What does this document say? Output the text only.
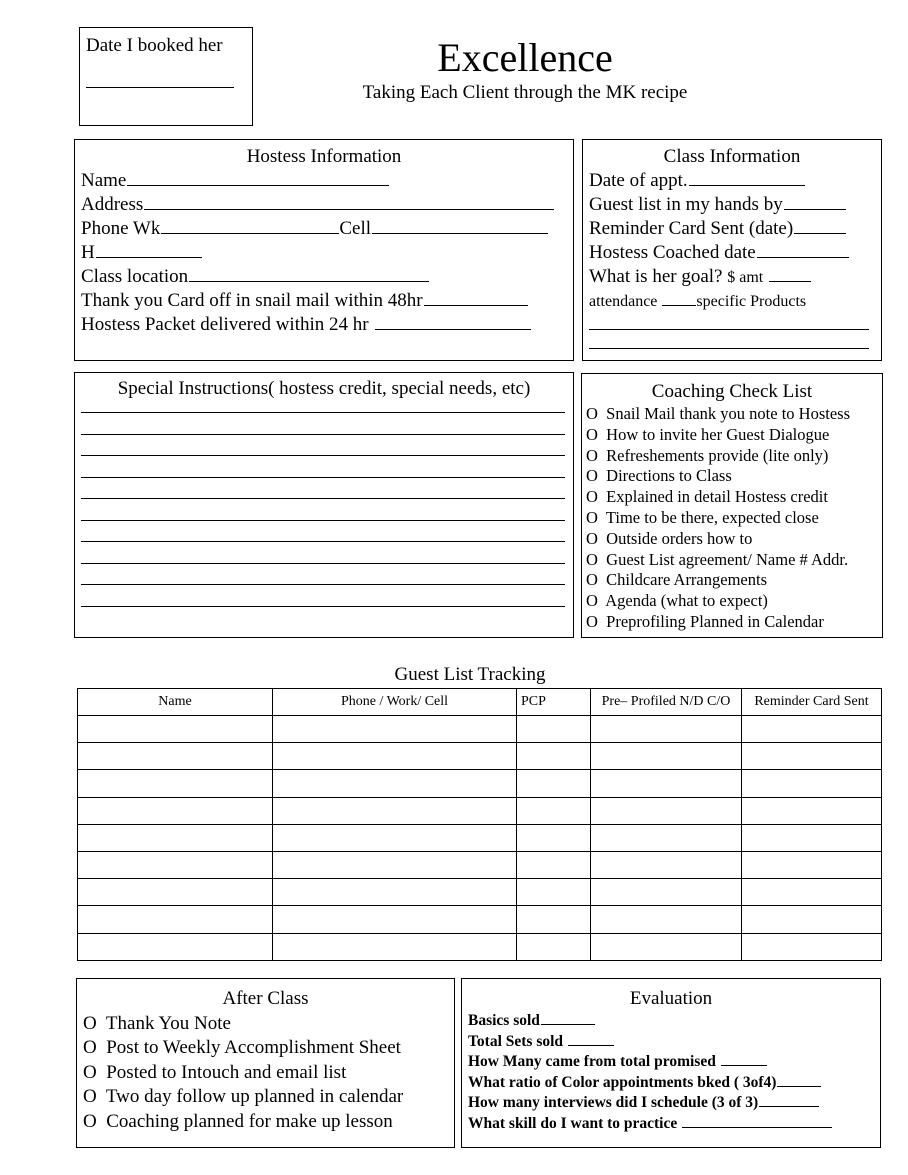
Date I booked her	Excellence
Taking Each Client through the MK recipe
Hostess Information
Name
Address
Phone Wk	Cell
H
Class location
Thank you Card off in snail mail within 48hr
Hostess Packet delivered within 24 hr
Class Information
Date of appt.
Guest list in my hands by
Reminder Card Sent (date)
Hostess Coached date
What is her goal? $ amt
attendance specific Products
Special Instructions( hostess credit, special needs, etc)	Coaching Check List
O Snail Mail thank you note to Hostess
O How to invite her Guest Dialogue
O Refreshements provide (lite only)
O Directions to Class
O Explained in detail Hostess credit
O Time to be there, expected close
O Outside orders how to
O Guest List agreement/ Name # Addr.
O Childcare Arrangements
O Agenda (what to expect)
O Preprofiling Planned in Calendar
Guest List Tracking
Name	Phone / Work/ Cell	PCP	Pre– Profiled N/D C/O	Reminder Card Sent

After Class
O Thank You Note
O Post to Weekly Accomplishment Sheet
O Posted to Intouch and email list
O Two day follow up planned in calendar
O Coaching planned for make up lesson
Evaluation
Basics sold
Total Sets sold
How Many came from total promised
What ratio of Color appointments bked ( 3of4)
How many interviews did I schedule (3 of 3)
What skill do I want to practice
